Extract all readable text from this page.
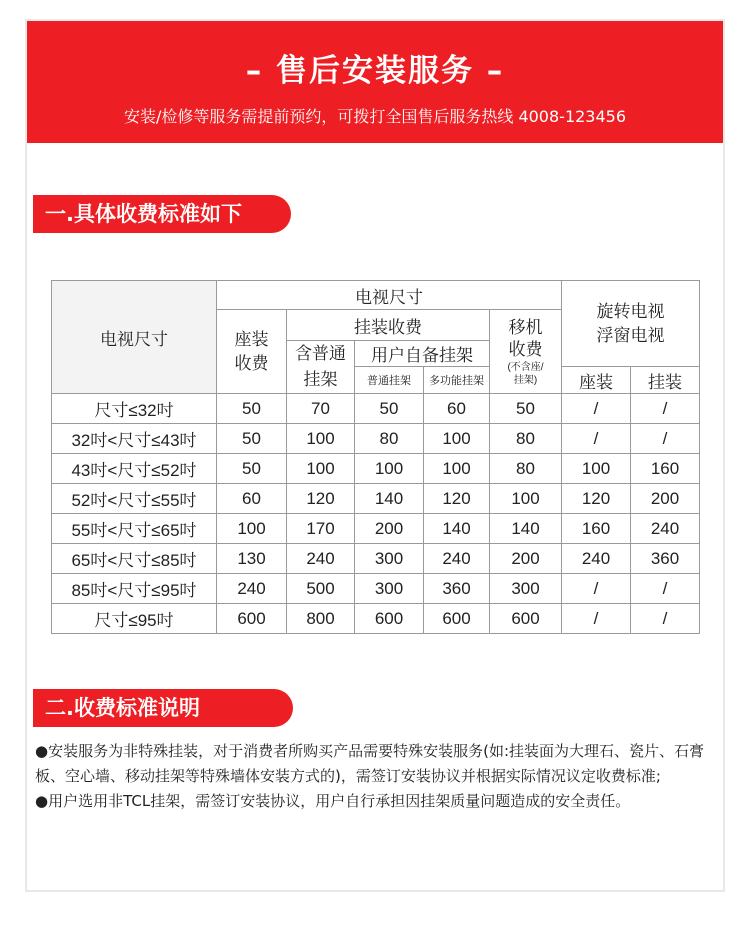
– 售后安装服务 –
安装/检修等服务需提前预约，可拨打全国售后服务热线 4008-123456
一.具体收费标准如下
电视尺寸	电视尺寸					旋转电视浮窗电视	
	座装收费	挂装收费			移机收费
(不含座/挂架)		

		含普通挂架	用户自备挂架				
			普通挂架	多功能挂架		座装	挂装
尺寸≤32吋	50	70	50	60	50	/	/
32吋<尺寸≤43吋	50	100	80	100	80	/	/
43吋<尺寸≤52吋	50	100	100	100	80	100	160
52吋<尺寸≤55吋	60	120	140	120	100	120	200
55吋<尺寸≤65吋	100	170	200	140	140	160	240
65吋<尺寸≤85吋	130	240	300	240	200	240	360
85吋<尺寸≤95吋	240	500	300	360	300	/	/
尺寸≤95吋	600	800	600	600	600	/	/
二.收费标准说明

●安装服务为非特殊挂装，对于消费者所购买产品需要特殊安装服务(如:挂装面为大理石、瓷片、石膏板、空心墙、移动挂架等特殊墙体安装方式的)，需签订安装协议并根据实际情况议定收费标准;

●用户选用非TCL挂架，需签订安装协议，用户自行承担因挂架质量问题造成的安全责任。
